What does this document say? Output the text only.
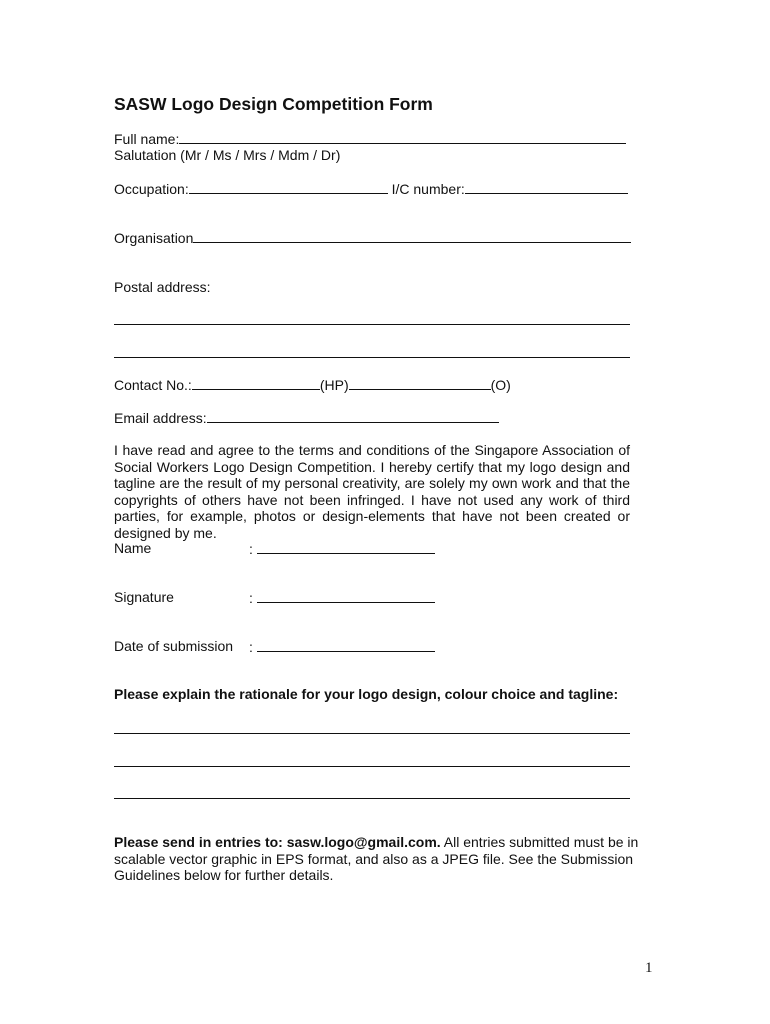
SASW Logo Design Competition Form
Full name:
Salutation (Mr / Ms / Mrs / Mdm / Dr)
Occupation:	I/C number:
Organisation
Postal address:
Contact No.:	(HP)	(O)
Email address:
I have read and agree to the terms and conditions of the Singapore Association of Social Workers Logo Design Competition. I hereby certify that my logo design and tagline are the result of my personal creativity, are solely my own work and that the copyrights of others have not been infringed. I have not used any work of third parties, for example, photos or design-elements that have not been created or designed by me.
Name	:
Signature	:
Date of submission :
Please explain the rationale for your logo design, colour choice and tagline:
Please send in entries to: sasw.logo@gmail.com. All entries submitted must be in scalable vector graphic in EPS format, and also as a JPEG file. See the Submission Guidelines below for further details.
1
